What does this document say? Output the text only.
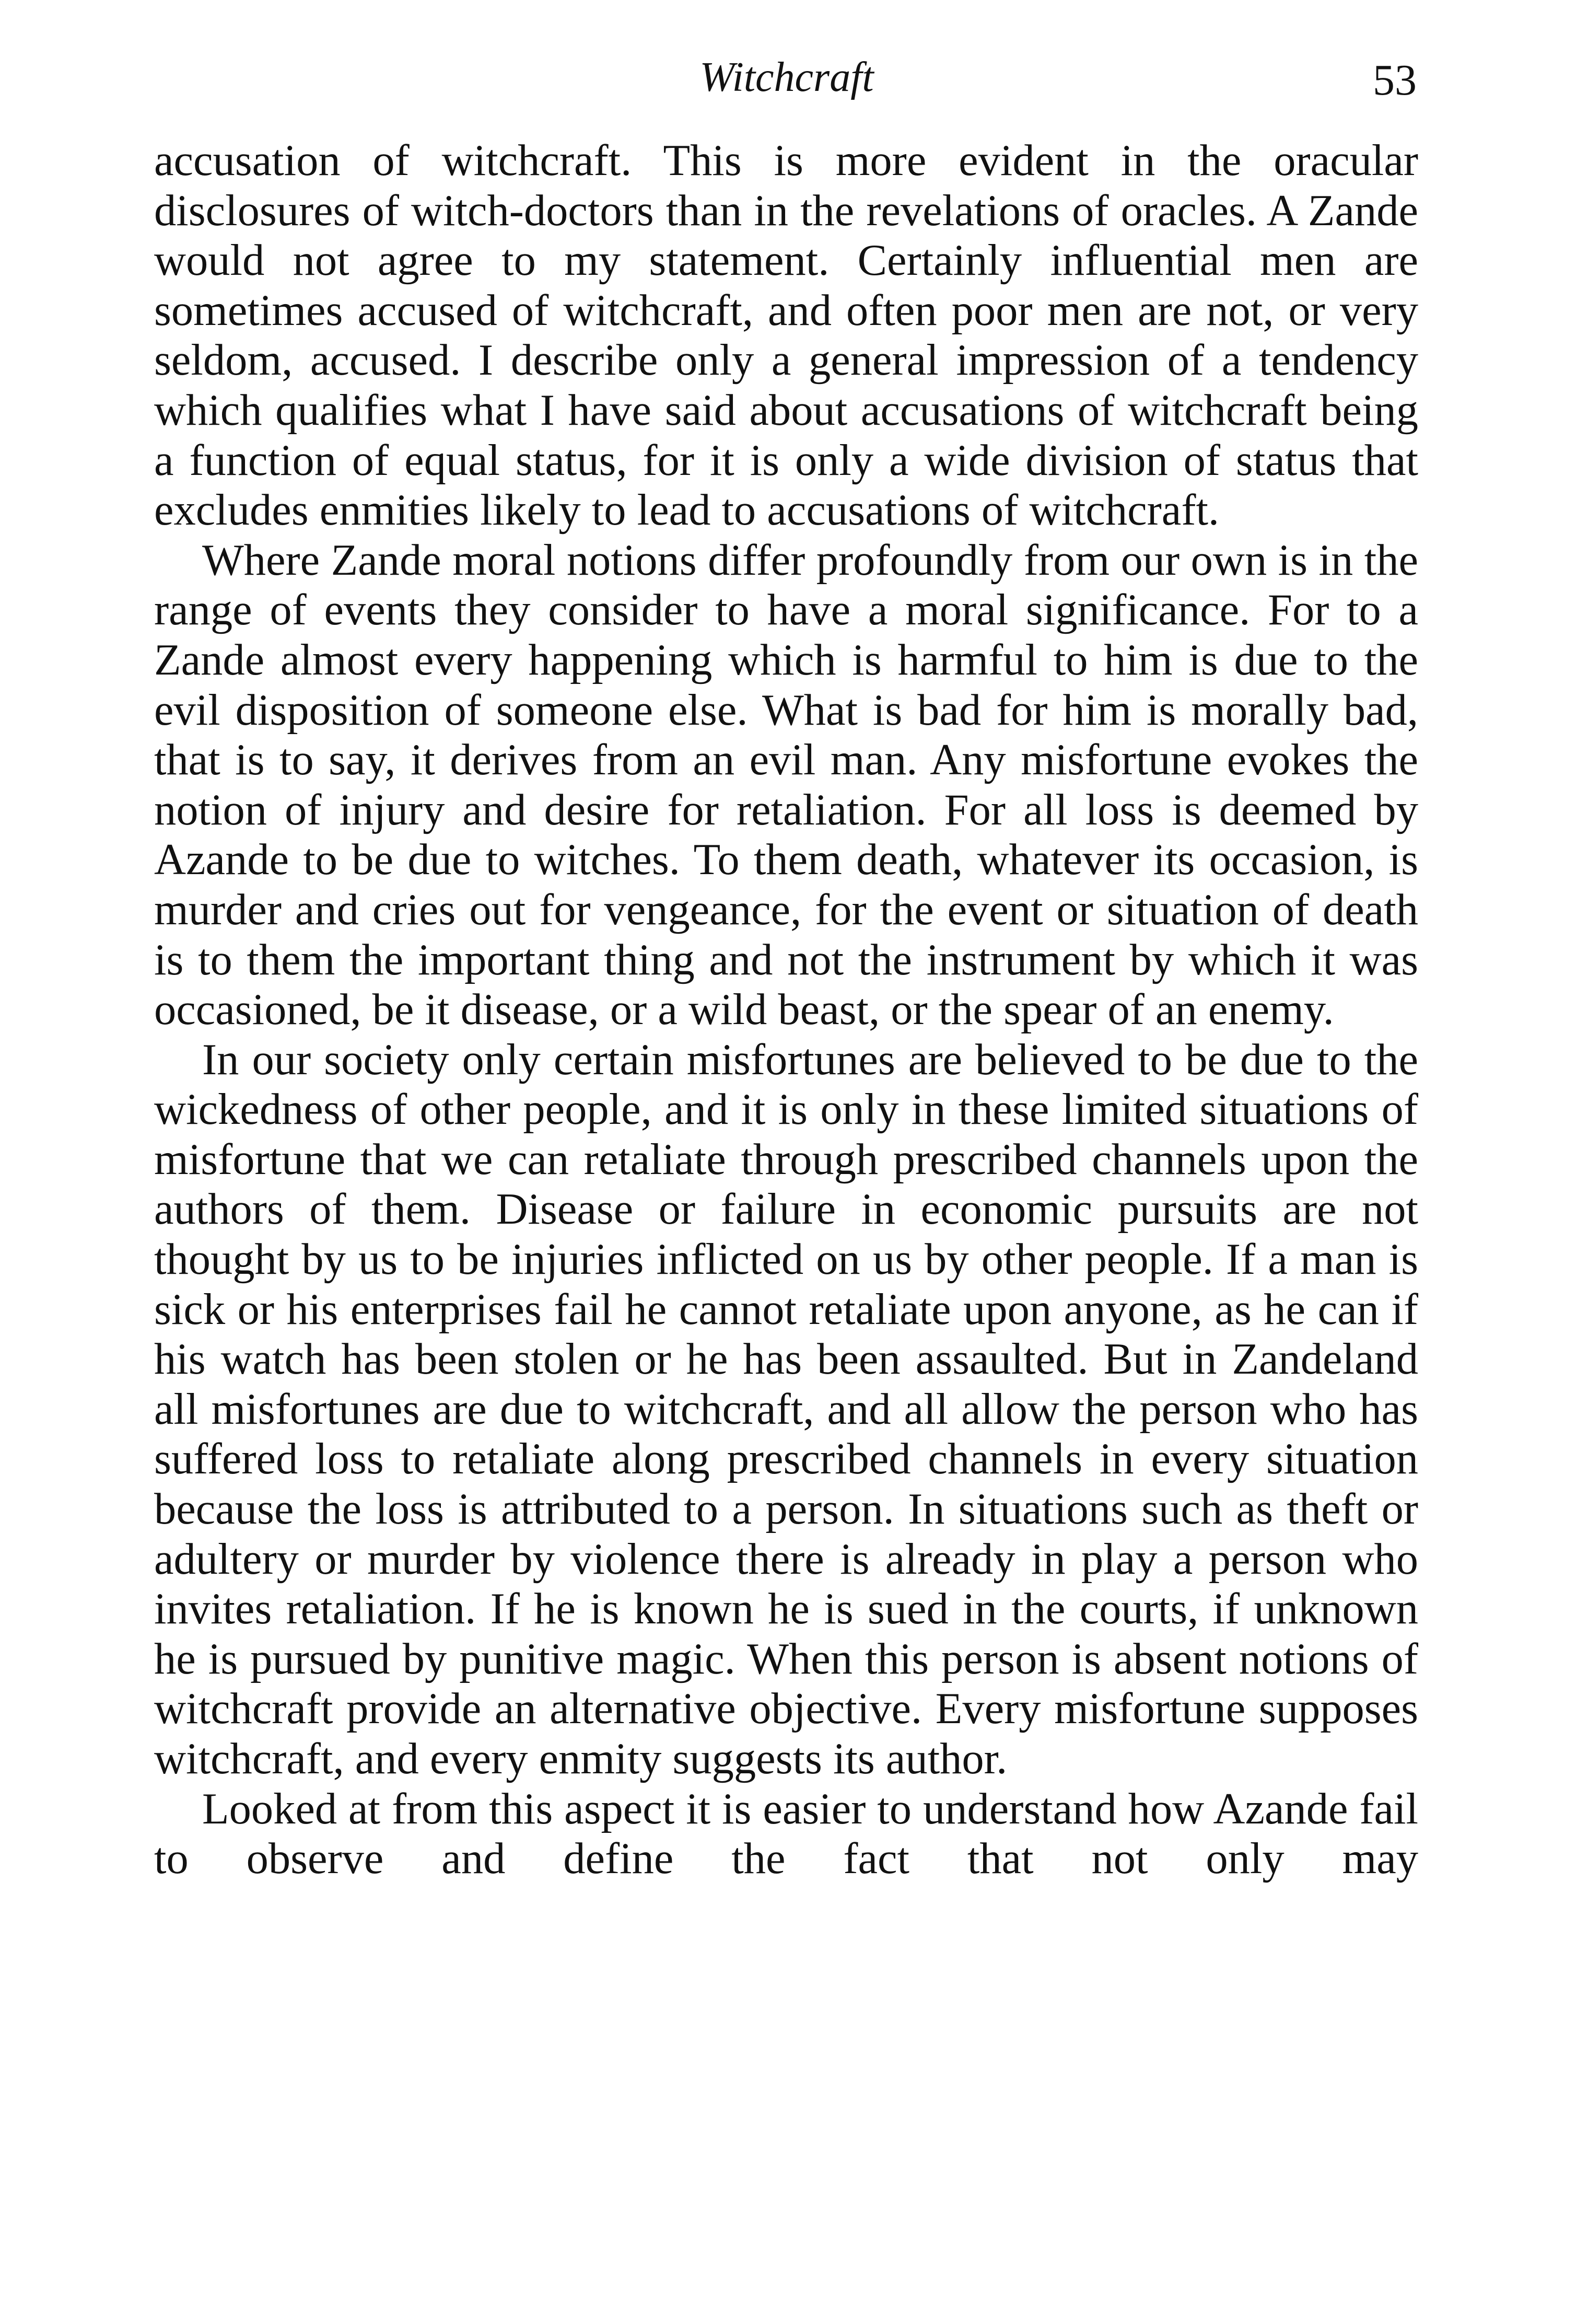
Witchcraft	53

accusation of witchcraft. This is more evident in the oracular disclosures of witch-doctors than in the revelations of oracles. A Zande would not agree to my statement. Certainly influential men are sometimes accused of witchcraft, and often poor men are not, or very seldom, accused. I describe only a general impression of a tendency which qualifies what I have said about accusations of witchcraft being a function of equal status, for it is only a wide division of status that excludes enmities likely to lead to accusations of witchcraft.

Where Zande moral notions differ profoundly from our own is in the range of events they consider to have a moral significance. For to a Zande almost every happening which is harmful to him is due to the evil disposition of someone else. What is bad for him is morally bad, that is to say, it derives from an evil man. Any misfortune evokes the notion of injury and desire for retaliation. For all loss is deemed by Azande to be due to witches. To them death, whatever its occasion, is murder and cries out for vengeance, for the event or situation of death is to them the important thing and not the instrument by which it was occasioned, be it disease, or a wild beast, or the spear of an enemy.

In our society only certain misfortunes are believed to be due to the wickedness of other people, and it is only in these limited situations of misfortune that we can retaliate through prescribed channels upon the authors of them. Disease or failure in economic pursuits are not thought by us to be injuries inflicted on us by other people. If a man is sick or his enterprises fail he cannot retaliate upon anyone, as he can if his watch has been stolen or he has been assaulted. But in Zandeland all misfortunes are due to witchcraft, and all allow the person who has suffered loss to retaliate along prescribed channels in every situation because the loss is attributed to a person. In situations such as theft or adultery or murder by violence there is already in play a person who invites retaliation. If he is known he is sued in the courts, if unknown he is pursued by punitive magic. When this person is absent notions of witchcraft provide an alternative objective. Every misfortune supposes witchcraft, and every enmity suggests its author.

Looked at from this aspect it is easier to understand how Azande fail to observe and define the fact that not only may
